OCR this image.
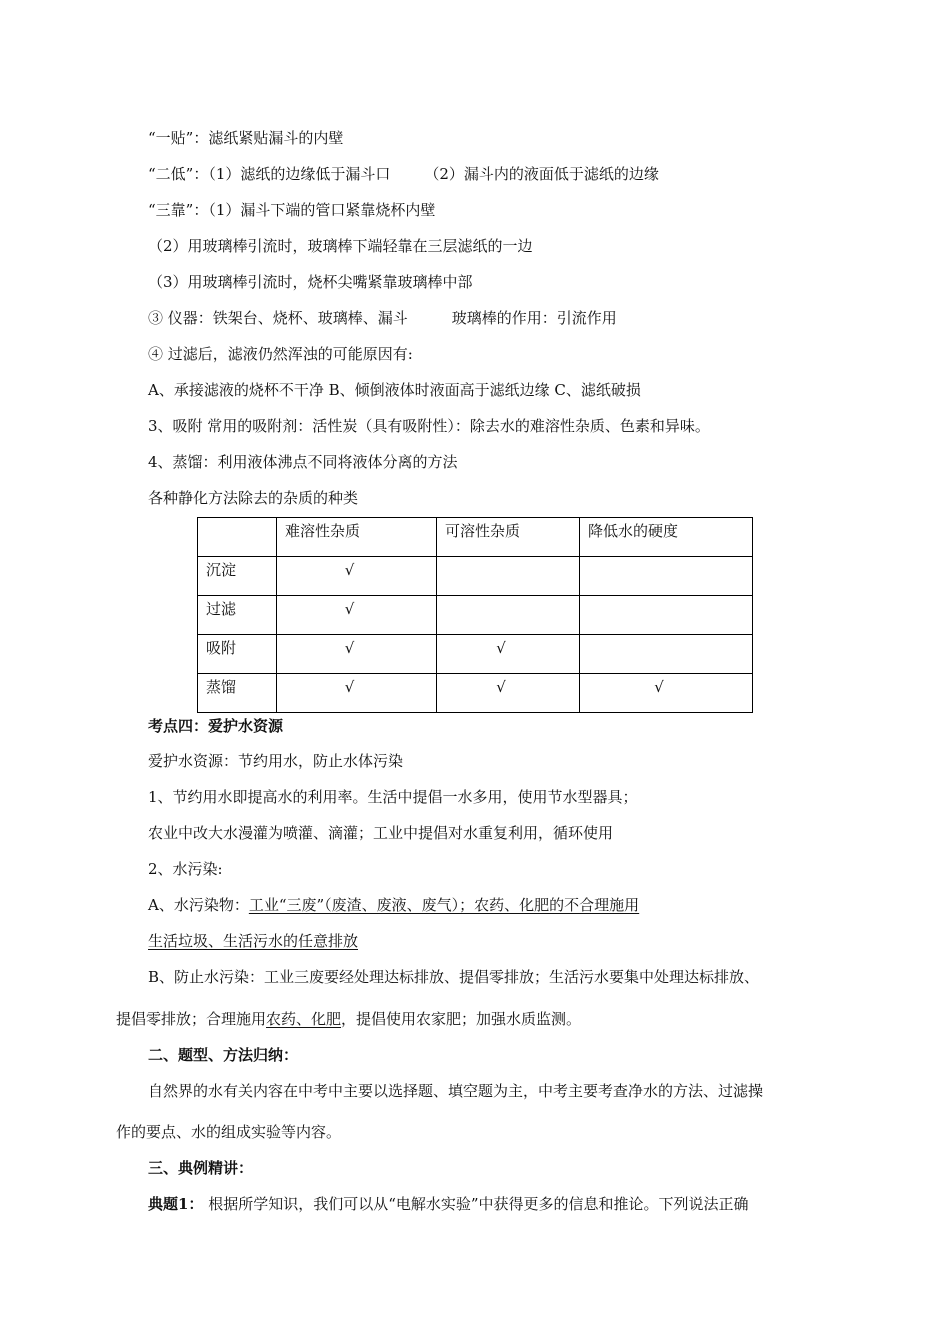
“一贴”：滤纸紧贴漏斗的内壁
“二低”：（1）滤纸的边缘低于漏斗口 （2）漏斗内的液面低于滤纸的边缘
“三靠”：（1）漏斗下端的管口紧靠烧杯内壁
（2）用玻璃棒引流时，玻璃棒下端轻靠在三层滤纸的一边
（3）用玻璃棒引流时，烧杯尖嘴紧靠玻璃棒中部
③ 仪器：铁架台、烧杯、玻璃棒、漏斗	玻璃棒的作用：引流作用
④ 过滤后，滤液仍然浑浊的可能原因有:
A、承接滤液的烧杯不干净 B、倾倒液体时液面高于滤纸边缘 C、滤纸破损
3、吸附 常用的吸附剂：活性炭（具有吸附性）：除去水的难溶性杂质、色素和异味。
4、蒸馏：利用液体沸点不同将液体分离的方法
各种静化方法除去的杂质的种类
	难溶性杂质	可溶性杂质	降低水的硬度
沉淀	√		
过滤	√		
吸附	√	√	
蒸馏	√	√	√
考点四：爱护水资源
爱护水资源：节约用水，防止水体污染
1、节约用水即提高水的利用率。生活中提倡一水多用，使用节水型器具；
农业中改大水漫灌为喷灌、滴灌；工业中提倡对水重复利用，循环使用
2、水污染:
A、水污染物：工业“三废”（废渣、废液、废气）；农药、化肥的不合理施用
生活垃圾、生活污水的任意排放
B、防止水污染：工业三废要经处理达标排放、提倡零排放；生活污水要集中处理达标排放、
提倡零排放；合理施用农药、化肥，提倡使用农家肥；加强水质监测。
二、题型、方法归纳：
自然界的水有关内容在中考中主要以选择题、填空题为主，中考主要考查净水的方法、过滤操
作的要点、水的组成实验等内容。
三、典例精讲：
典题1： 根据所学知识，我们可以从“电解水实验”中获得更多的信息和推论。下列说法正确
